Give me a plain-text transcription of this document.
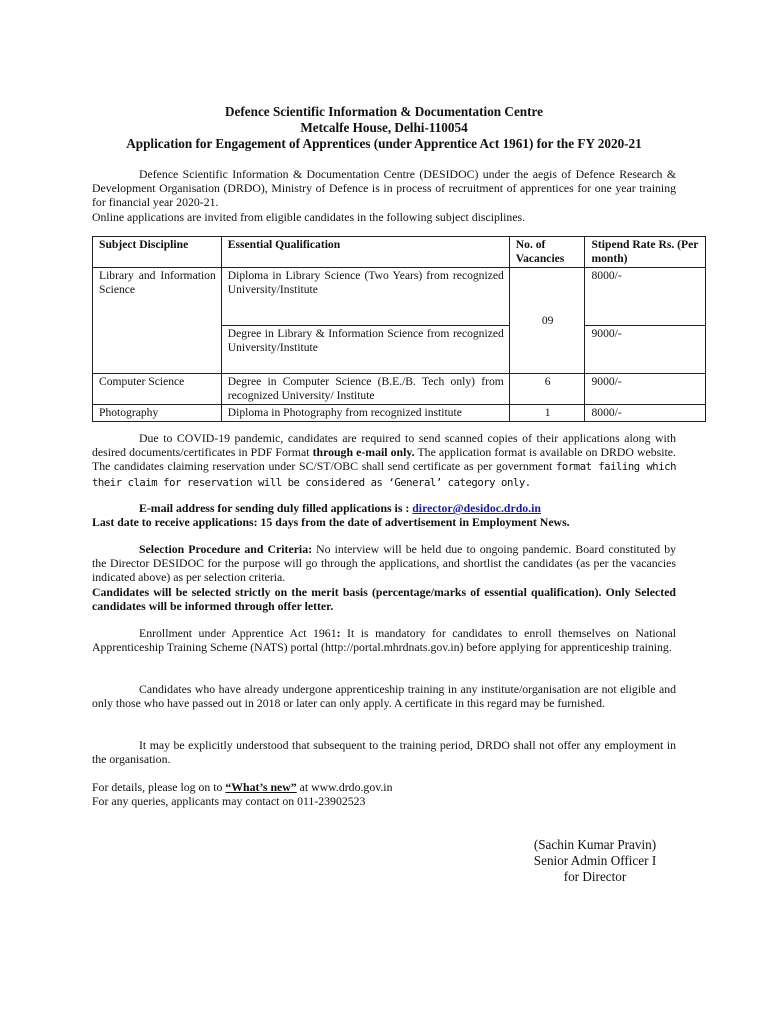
Defence Scientific Information & Documentation Centre
Metcalfe House, Delhi-110054
Application for Engagement of Apprentices (under Apprentice Act 1961) for the FY 2020-21
Defence Scientific Information & Documentation Centre (DESIDOC) under the aegis of Defence Research & Development Organisation (DRDO), Ministry of Defence is in process of recruitment of apprentices for one year training for financial year 2020-21.
Online applications are invited from eligible candidates in the following subject disciplines.
Subject Discipline	Essential Qualification	No. of Vacancies	Stipend Rate Rs. (Per month)

Library and Information Science	Diploma in Library Science (Two Years) from recognized University/Institute	09	8000/-
	Degree in Library & Information Science from recognized University/Institute		9000/-
Computer Science	Degree in Computer Science (B.E./B. Tech only) from recognized University/ Institute	6	9000/-
Photography	Diploma in Photography from recognized institute	1	8000/-
Due to COVID-19 pandemic, candidates are required to send scanned copies of their applications along with desired documents/certificates in PDF Format through e-mail only. The application format is available on DRDO website. The candidates claiming reservation under SC/ST/OBC shall send certificate as per government format failing which their claim for reservation will be considered as ‘General’ category only.
E-mail address for sending duly filled applications is : director@desidoc.drdo.in
Last date to receive applications: 15 days from the date of advertisement in Employment News.
Selection Procedure and Criteria: No interview will be held due to ongoing pandemic. Board constituted by the Director DESIDOC for the purpose will go through the applications, and shortlist the candidates (as per the vacancies indicated above) as per selection criteria.
Candidates will be selected strictly on the merit basis (percentage/marks of essential qualification). Only Selected candidates will be informed through offer letter.
Enrollment under Apprentice Act 1961: It is mandatory for candidates to enroll themselves on National Apprenticeship Training Scheme (NATS) portal (http://portal.mhrdnats.gov.in) before applying for apprenticeship training.
Candidates who have already undergone apprenticeship training in any institute/organisation are not eligible and only those who have passed out in 2018 or later can only apply. A certificate in this regard may be furnished.
It may be explicitly understood that subsequent to the training period, DRDO shall not offer any employment in the organisation.
For details, please log on to “What’s new” at www.drdo.gov.in
For any queries, applicants may contact on 011-23902523
(Sachin Kumar Pravin)
Senior Admin Officer I
for Director
